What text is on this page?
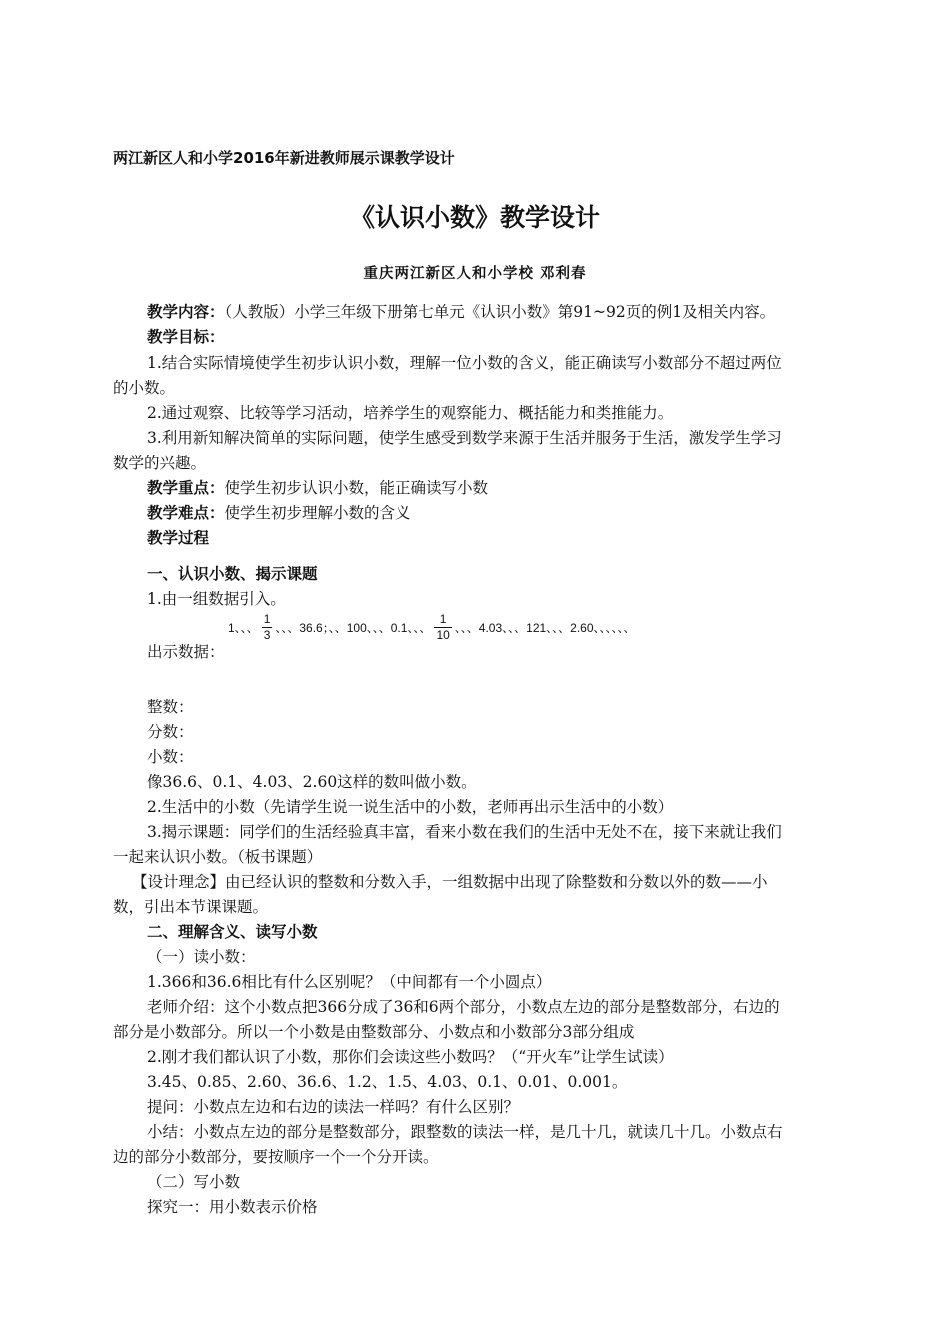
两江新区人和小学2016年新进教师展示课教学设计
《认识小数》教学设计
重庆两江新区人和小学校 邓利春
教学内容：（人教版）小学三年级下册第七单元《认识小数》第91~92页的例1及相关内容。
教学目标：
1.结合实际情境使学生初步认识小数，理解一位小数的含义，能正确读写小数部分不超过两位
的小数。
2.通过观察、比较等学习活动，培养学生的观察能力、概括能力和类推能力。
3.利用新知解决简单的实际问题，使学生感受到数学来源于生活并服务于生活，激发学生学习
数学的兴趣。
教学重点：使学生初步认识小数，能正确读写小数
教学难点：使学生初步理解小数的含义
教学过程
一、认识小数、揭示课题
1.由一组数据引入。
1、、、 $\frac{1}{3}$ 、、、36.6；、、100、、、0.1、、、 $\frac{1}{10}$ 、、、4.03、、、121、、、2.60、、、、、、
出示数据：
整数：
分数：
小数：
像36.6、0.1、4.03、2.60这样的数叫做小数。
2.生活中的小数（先请学生说一说生活中的小数，老师再出示生活中的小数）
3.揭示课题：同学们的生活经验真丰富，看来小数在我们的生活中无处不在，接下来就让我们
一起来认识小数。（板书课题）
【设计理念】由已经认识的整数和分数入手，一组数据中出现了除整数和分数以外的数——小
数，引出本节课课题。
二、理解含义、读写小数
（一）读小数：
1.366和36.6相比有什么区别呢？（中间都有一个小圆点）
老师介绍：这个小数点把366分成了36和6两个部分，小数点左边的部分是整数部分，右边的
部分是小数部分。所以一个小数是由整数部分、小数点和小数部分3部分组成
2.刚才我们都认识了小数，那你们会读这些小数吗？（“开火车”让学生试读）
3.45、0.85、2.60、36.6、1.2、1.5、4.03、0.1、0.01、0.001。
提问：小数点左边和右边的读法一样吗？有什么区别？
小结：小数点左边的部分是整数部分，跟整数的读法一样，是几十几，就读几十几。小数点右
边的部分小数部分，要按顺序一个一个分开读。
（二）写小数
探究一：用小数表示价格
